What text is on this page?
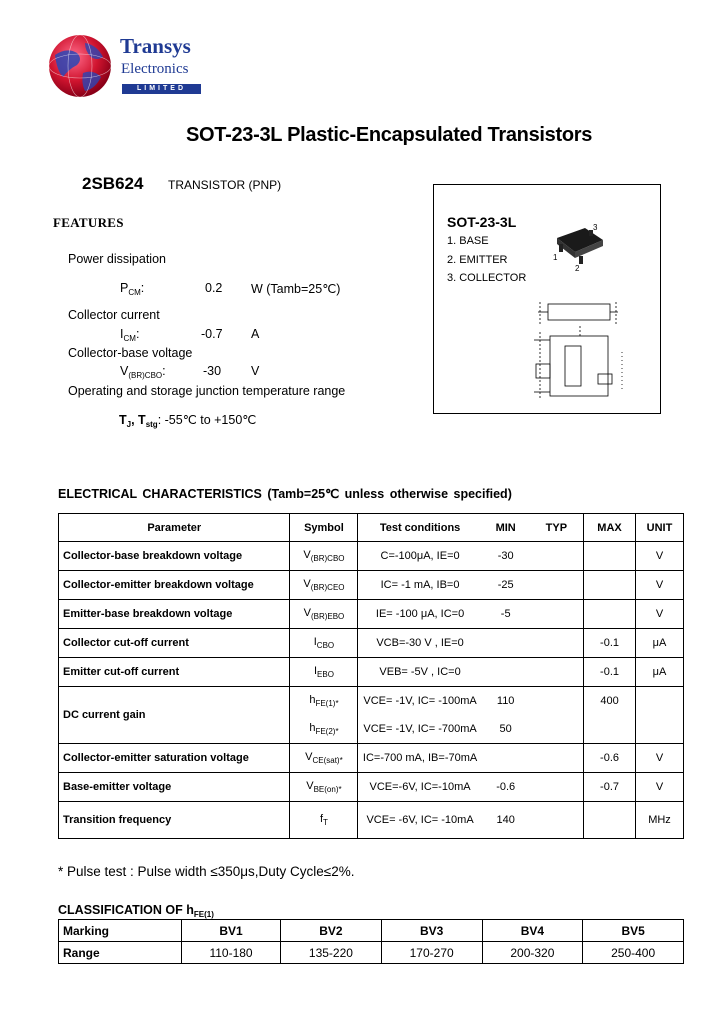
Transys
Electronics
LIMITED
SOT-23-3L Plastic-Encapsulated Transistors
2SB624 TRANSISTOR (PNP)
FEATURES
Power dissipation
$P_{CM}$:	0.2 W (Tamb=25℃)
Collector current
$I_{CM}$:	-0.7 A
Collector-base voltage
$V_{(BR)CBO}$:	-30 V
Operating and storage junction temperature range
$T_J$, $T_{stg}$: -55℃ to +150℃
SOT-23-3L
1. BASE
2. EMITTER
3. COLLECTOR
1
2
3
ELECTRICAL CHARACTERISTICS (Tamb=25℃ unless otherwise specified)
Parameter	Symbol	Test conditions	MIN	TYP	MAX	UNIT
Collector-base breakdown voltage	$V_{(BR)CBO}$	C=-100μA, IE=0	-30			V
Collector-emitter breakdown voltage	$V_{(BR)CEO}$	IC= -1 mA, IB=0	-25			V
Emitter-base breakdown voltage	$V_{(BR)EBO}$	IE= -100 μA, IC=0	-5			V
Collector cut-off current	$I_{CBO}$	VCB=-30 V , IE=0			-0.1	μA
Emitter cut-off current	$I_{EBO}$	VEB= -5V , IC=0			-0.1	μA
DC current gain	$h_{FE(1)*}$	VCE= -1V, IC= -100mA	110		400	
	$h_{FE(2)*}$	VCE= -1V, IC= -700mA	50			
Collector-emitter saturation voltage	$V_{CE(sat)*}$	IC=-700 mA, IB=-70mA			-0.6	V
Base-emitter voltage	$V_{BE(on)*}$	VCE=-6V, IC=-10mA	-0.6		-0.7	V
Transition frequency	$f_T$	VCE= -6V, IC= -10mA	140			MHz
* Pulse test : Pulse width ≤350μs,Duty Cycle≤2%.
CLASSIFICATION OF $h_{FE(1)}$
Marking	BV1	BV2	BV3	BV4	BV5
Range	110-180	135-220	170-270	200-320	250-400
